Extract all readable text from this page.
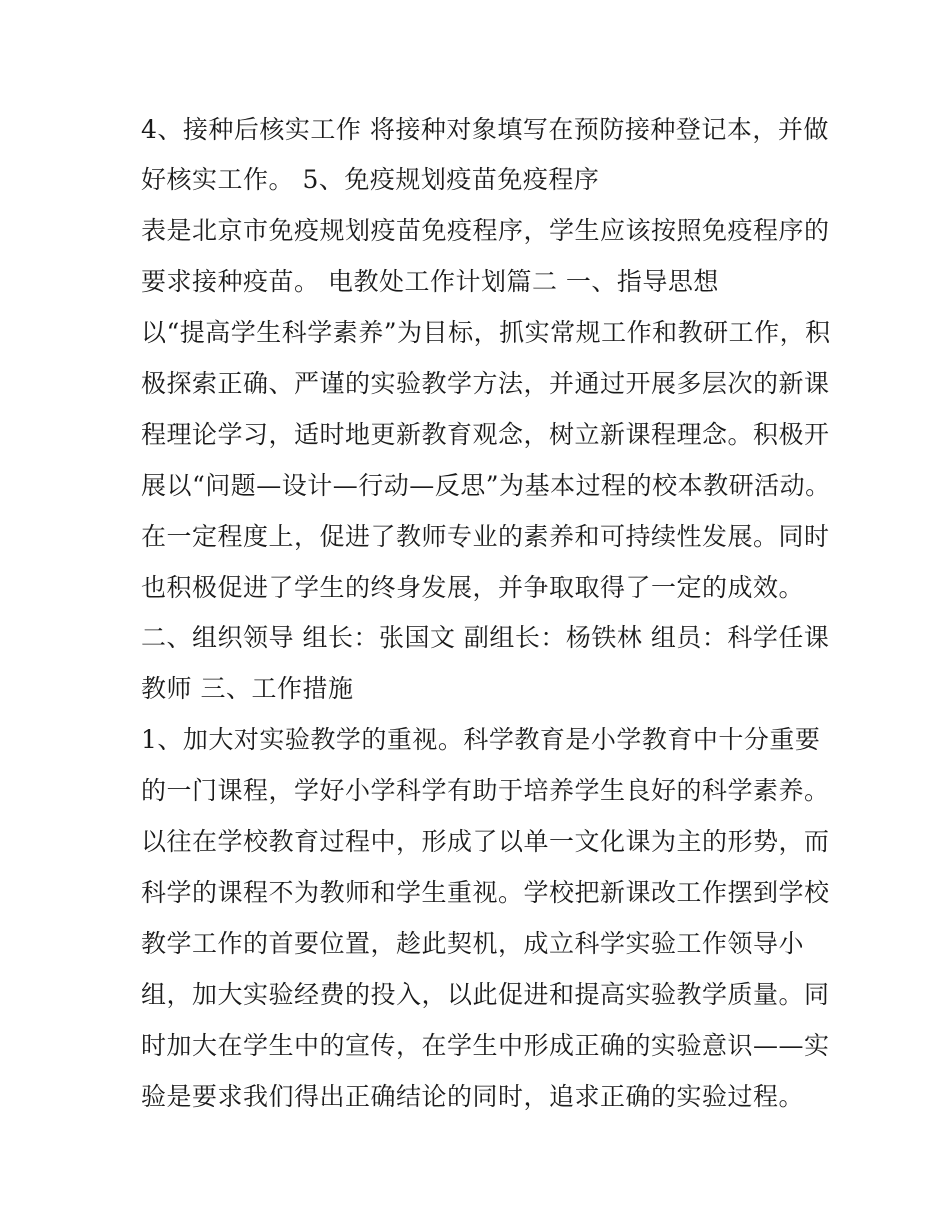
4、接种后核实工作 将接种对象填写在预防接种登记本，并做
好核实工作。 5、免疫规划疫苗免疫程序
表是北京市免疫规划疫苗免疫程序，学生应该按照免疫程序的
要求接种疫苗。 电教处工作计划篇二 一、指导思想
以“提高学生科学素养”为目标，抓实常规工作和教研工作，积
极探索正确、严谨的实验教学方法，并通过开展多层次的新课
程理论学习，适时地更新教育观念，树立新课程理念。积极开
展以“问题—设计—行动—反思”为基本过程的校本教研活动。
在一定程度上，促进了教师专业的素养和可持续性发展。同时
也积极促进了学生的终身发展，并争取取得了一定的成效。
二、组织领导 组长：张国文 副组长：杨铁林 组员：科学任课
教师 三、工作措施
1、加大对实验教学的重视。科学教育是小学教育中十分重要
的一门课程，学好小学科学有助于培养学生良好的科学素养。
以往在学校教育过程中，形成了以单一文化课为主的形势，而
科学的课程不为教师和学生重视。学校把新课改工作摆到学校
教学工作的首要位置，趁此契机，成立科学实验工作领导小
组，加大实验经费的投入，以此促进和提高实验教学质量。同
时加大在学生中的宣传，在学生中形成正确的实验意识——实
验是要求我们得出正确结论的同时，追求正确的实验过程。
